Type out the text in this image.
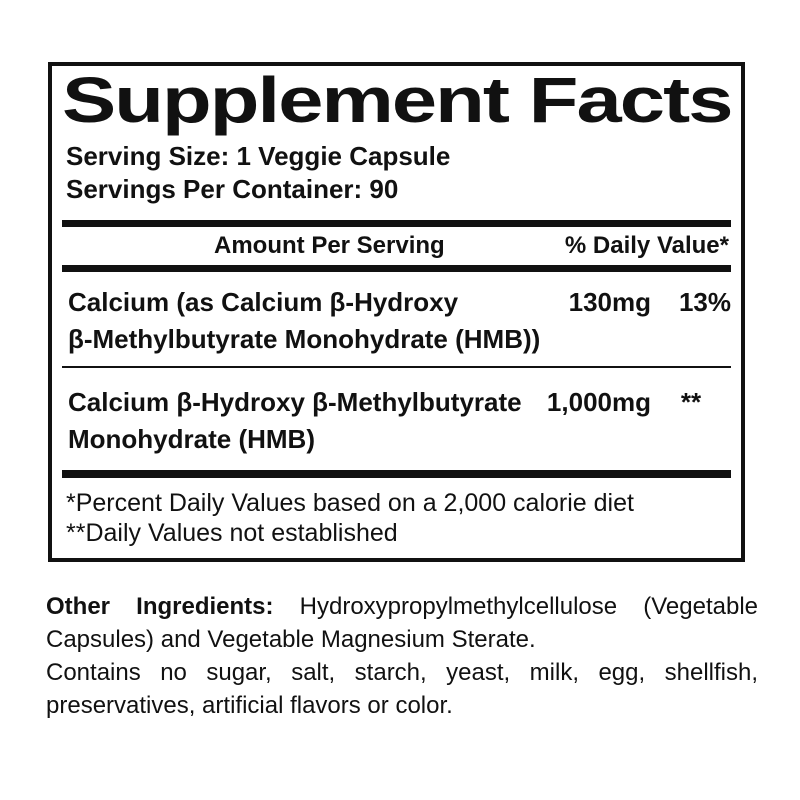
Supplement Facts
Serving Size: 1 Veggie Capsule
Servings Per Container: 90
Amount Per Serving	% Daily Value*
Calcium (as Calcium β-Hydroxy
β-Methylbutyrate Monohydrate (HMB))
130mg	13%
Calcium β-Hydroxy β-Methylbutyrate
Monohydrate (HMB)
1,000mg	**
*Percent Daily Values based on a 2,000 calorie diet
**Daily Values not established
Other Ingredients: Hydroxypropylmethylcellulose (Vegetable
Capsules) and Vegetable Magnesium Sterate.
Contains no sugar, salt, starch, yeast, milk, egg, shellfish,
preservatives, artificial flavors or color.
